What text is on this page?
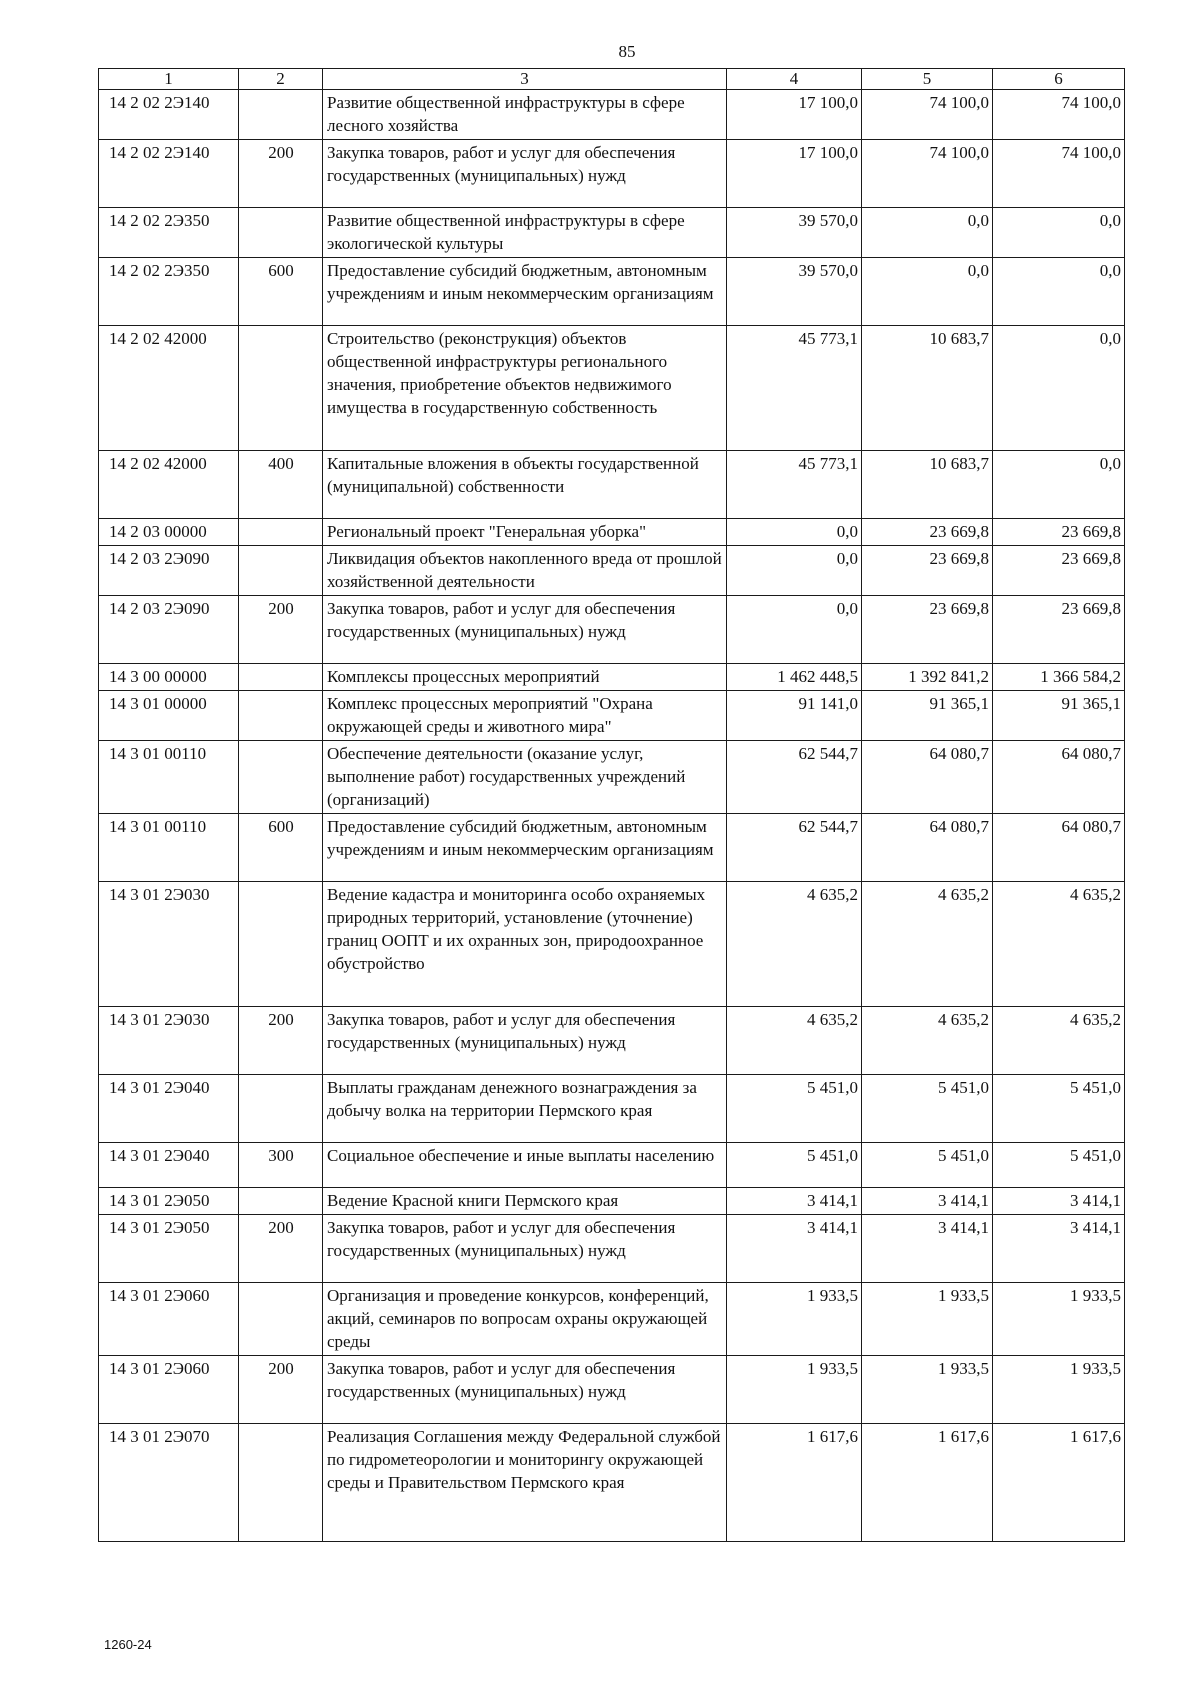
85
1	2	3	4	5	6
14 2 02 2Э140		Развитие общественной инфраструктуры в сфере лесного хозяйства	17 100,0	74 100,0	74 100,0
14 2 02 2Э140	200	Закупка товаров, работ и услуг для обеспечения государственных (муниципальных) нужд	17 100,0	74 100,0	74 100,0
14 2 02 2Э350		Развитие общественной инфраструктуры в сфере экологической культуры	39 570,0	0,0	0,0
14 2 02 2Э350	600	Предоставление субсидий бюджетным, автономным учреждениям и иным некоммерческим организациям	39 570,0	0,0	0,0
14 2 02 42000		Строительство (реконструкция) объектов общественной инфраструктуры регионального значения, приобретение объектов недвижимого имущества в государственную собственность	45 773,1	10 683,7	0,0
14 2 02 42000	400	Капитальные вложения в объекты государственной (муниципальной) собственности	45 773,1	10 683,7	0,0
14 2 03 00000		Региональный проект "Генеральная уборка"	0,0	23 669,8	23 669,8
14 2 03 2Э090		Ликвидация объектов накопленного вреда от прошлой хозяйственной деятельности	0,0	23 669,8	23 669,8
14 2 03 2Э090	200	Закупка товаров, работ и услуг для обеспечения государственных (муниципальных) нужд	0,0	23 669,8	23 669,8
14 3 00 00000		Комплексы процессных мероприятий	1 462 448,5	1 392 841,2	1 366 584,2
14 3 01 00000		Комплекс процессных мероприятий "Охрана окружающей среды и животного мира"	91 141,0	91 365,1	91 365,1
14 3 01 00110		Обеспечение деятельности (оказание услуг, выполнение работ) государственных учреждений (организаций)	62 544,7	64 080,7	64 080,7
14 3 01 00110	600	Предоставление субсидий бюджетным, автономным учреждениям и иным некоммерческим организациям	62 544,7	64 080,7	64 080,7
14 3 01 2Э030		Ведение кадастра и мониторинга особо охраняемых природных территорий, установление (уточнение) границ ООПТ и их охранных зон, природоохранное обустройство	4 635,2	4 635,2	4 635,2
14 3 01 2Э030	200	Закупка товаров, работ и услуг для обеспечения государственных (муниципальных) нужд	4 635,2	4 635,2	4 635,2
14 3 01 2Э040		Выплаты гражданам денежного вознаграждения за добычу волка на территории Пермского края	5 451,0	5 451,0	5 451,0
14 3 01 2Э040	300	Социальное обеспечение и иные выплаты населению	5 451,0	5 451,0	5 451,0
14 3 01 2Э050		Ведение Красной книги Пермского края	3 414,1	3 414,1	3 414,1
14 3 01 2Э050	200	Закупка товаров, работ и услуг для обеспечения государственных (муниципальных) нужд	3 414,1	3 414,1	3 414,1
14 3 01 2Э060		Организация и проведение конкурсов, конференций, акций, семинаров по вопросам охраны окружающей среды	1 933,5	1 933,5	1 933,5
14 3 01 2Э060	200	Закупка товаров, работ и услуг для обеспечения государственных (муниципальных) нужд	1 933,5	1 933,5	1 933,5
14 3 01 2Э070		Реализация Соглашения между Федеральной службой по гидрометеорологии и мониторингу окружающей среды и Правительством Пермского края	1 617,6	1 617,6	1 617,6
1260-24
